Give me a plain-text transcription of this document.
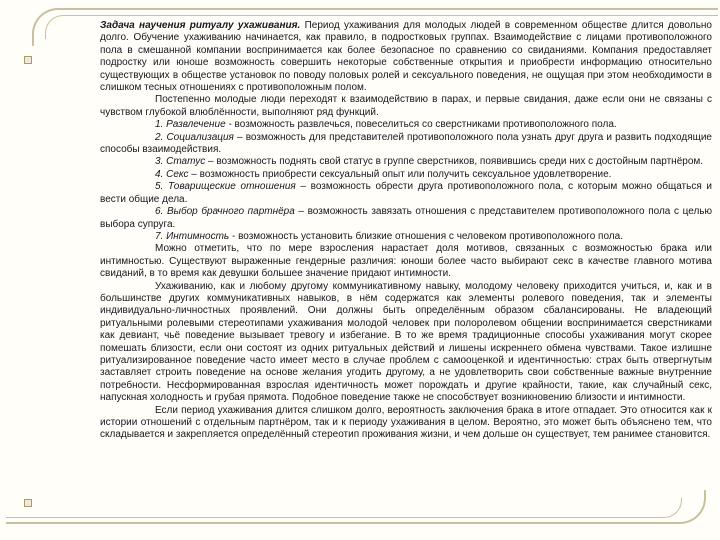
Задача научения ритуалу ухаживания. Период ухаживания для молодых людей в современном обществе длится довольно долго. Обучение ухаживанию начинается, как правило, в подростковых группах. Взаимодействие с лицами противоположного пола в смешанной компании воспринимается как более безопасное по сравнению со свиданиями. Компания предоставляет подростку или юноше возможность совершить некоторые собственные открытия и приобрести информацию относительно существующих в обществе установок по поводу половых ролей и сексуального поведения, не ощущая при этом необходимости в слишком тесных отношениях с противоположным полом.

Постепенно молодые люди переходят к взаимодействию в парах, и первые свидания, даже если они не связаны с чувством глубокой влюблённости, выполняют ряд функций.

1. Развлечение - возможность развлечься, повеселиться со сверстниками противоположного пола.

2. Социализация – возможность для представителей противоположного пола узнать друг друга и развить подходящие способы взаимодействия.

3. Статус – возможность поднять свой статус в группе сверстников, появившись среди них с достойным партнёром.

4. Секс – возможность приобрести сексуальный опыт или получить сексуальное удовлетворение.

5. Товарищеские отношения – возможность обрести друга противоположного пола, с которым можно общаться и вести общие дела.

6. Выбор брачного партнёра – возможность завязать отношения с представителем противоположного пола с целью выбора супруга.

7. Интимность - возможность установить близкие отношения с человеком противоположного пола.

Можно отметить, что по мере взросления нарастает доля мотивов, связанных с возможностью брака или интимностью. Существуют выраженные гендерные различия: юноши более часто выбирают секс в качестве главного мотива свиданий, в то время как девушки большее значение придают интимности.

Ухаживанию, как и любому другому коммуникативному навыку, молодому человеку приходится учиться, и, как и в большинстве других коммуникативных навыков, в нём содержатся как элементы ролевого поведения, так и элементы индивидуально-личностных проявлений. Они должны быть определённым образом сбалансированы. Не владеющий ритуальными ролевыми стереотипами ухаживания молодой человек при полоролевом общении воспринимается сверстниками как девиант, чьё поведение вызывает тревогу и избегание. В то же время традиционные способы ухаживания могут скорее помешать близости, если они состоят из одних ритуальных действий и лишены искреннего обмена чувствами. Такое излишне ритуализированное поведение часто имеет место в случае проблем с самооценкой и идентичностью: страх быть отвергнутым заставляет строить поведение на основе желания угодить другому, а не удовлетворить свои собственные важные внутренние потребности. Несформированная взрослая идентичность может порождать и другие крайности, такие, как случайный секс, напускная холодность и грубая прямота. Подобное поведение также не способствует возникновению близости и интимности.

Если период ухаживания длится слишком долго, вероятность заключения брака в итоге отпадает. Это относится как к истории отношений с отдельным партнёром, так и к периоду ухаживания в целом. Вероятно, это может быть объяснено тем, что складывается и закрепляется определённый стереотип проживания жизни, и чем дольше он существует, тем ранимее становится.
